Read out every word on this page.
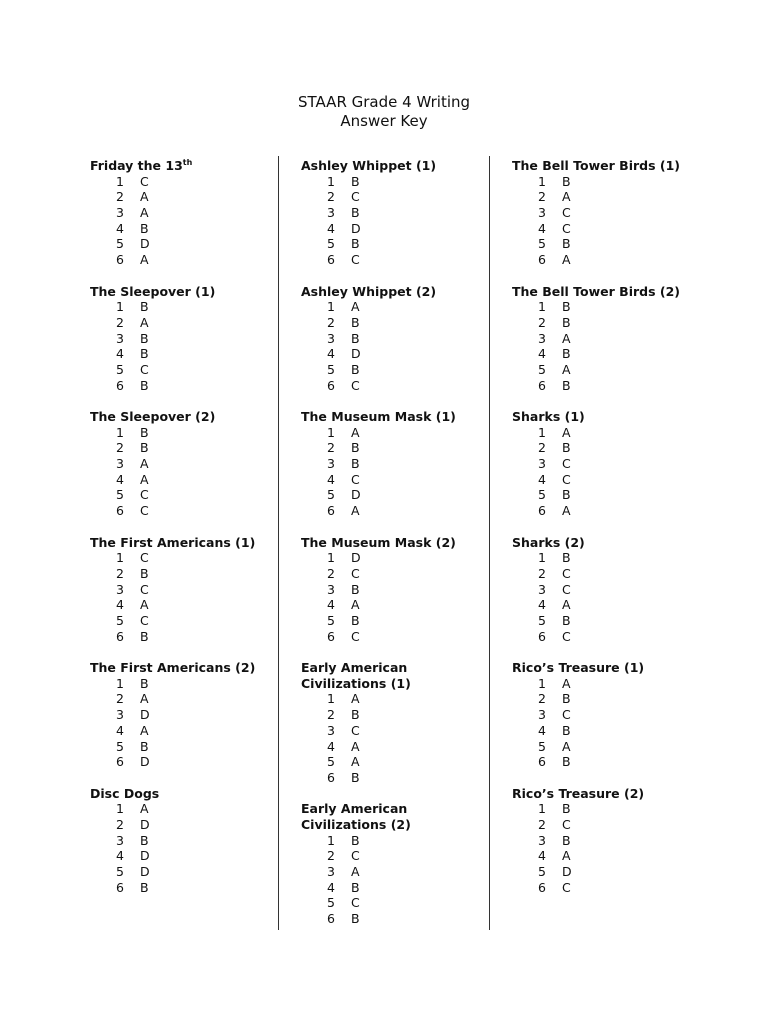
STAAR Grade 4 Writing
Answer Key
Friday the 13th
1 C
2 A
3 A
4 B
5 D
6 A
The Sleepover (1)
1 B
2 A
3 B
4 B
5 C
6 B
The Sleepover (2)
1 B
2 B
3 A
4 A
5 C
6 C
The First Americans (1)
1 C
2 B
3 C
4 A
5 C
6 B
The First Americans (2)
1 B
2 A
3 D
4 A
5 B
6 D
Disc Dogs
1 A
2 D
3 B
4 D
5 D
6 B
Ashley Whippet (1)
1 B
2 C
3 B
4 D
5 B
6 C
Ashley Whippet (2)
1 A
2 B
3 B
4 D
5 B
6 C
The Museum Mask (1)
1 A
2 B
3 B
4 C
5 D
6 A
The Museum Mask (2)
1 D
2 C
3 B
4 A
5 B
6 C
Early American Civilizations (1)
1 A
2 B
3 C
4 A
5 A
6 B
Early American Civilizations (2)
1 B
2 C
3 A
4 B
5 C
6 B
The Bell Tower Birds (1)
1 B
2 A
3 C
4 C
5 B
6 A
The Bell Tower Birds (2)
1 B
2 B
3 A
4 B
5 A
6 B
Sharks (1)
1 A
2 B
3 C
4 C
5 B
6 A
Sharks (2)
1 B
2 C
3 C
4 A
5 B
6 C
Rico’s Treasure (1)
1 A
2 B
3 C
4 B
5 A
6 B
Rico’s Treasure (2)
1 B
2 C
3 B
4 A
5 D
6 C
